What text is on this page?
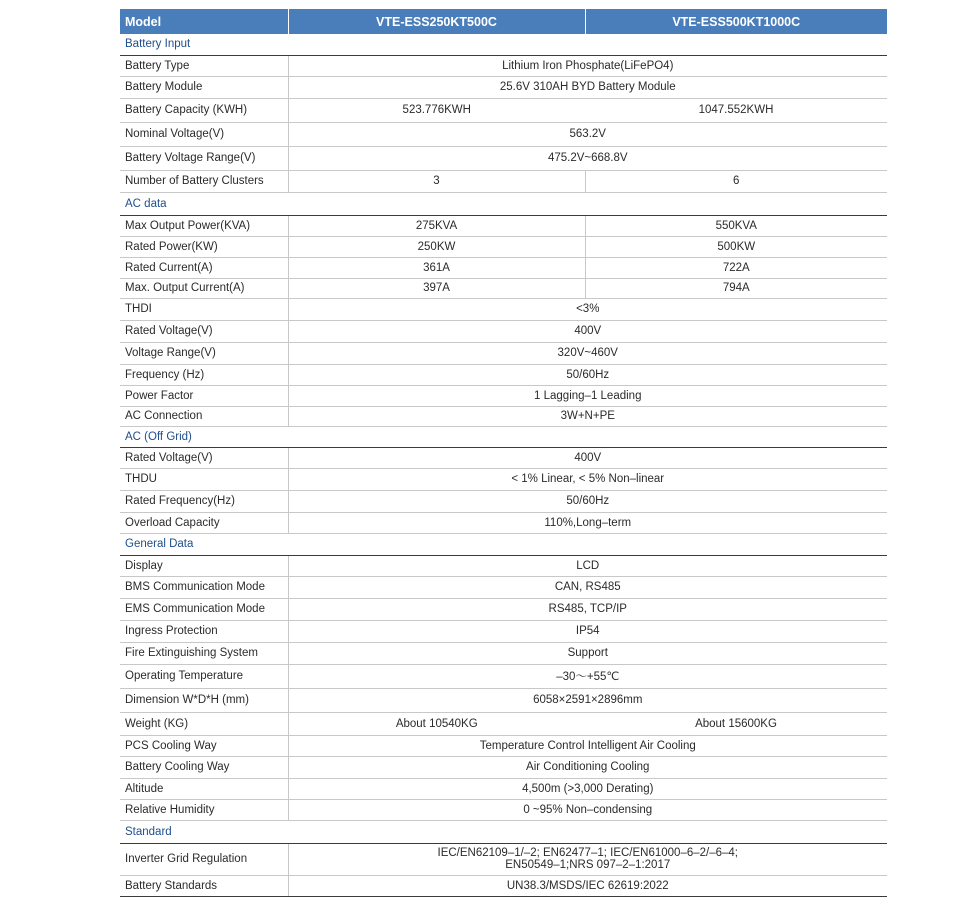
Model	VTE-ESS250KT500C	VTE-ESS500KT1000C
Battery Input		
Battery Type	Lithium Iron Phosphate(LiFePO4)	
Battery Module	25.6V 310AH BYD Battery Module	
Battery Capacity (KWH)	523.776KWH	1047.552KWH
Nominal Voltage(V)	563.2V	
Battery Voltage Range(V)	475.2V~668.8V	
Number of Battery Clusters	3	6
AC data		
Max Output Power(KVA)	275KVA	550KVA
Rated Power(KW)	250KW	500KW
Rated Current(A)	361A	722A
Max. Output Current(A)	397A	794A
THDI	<3%	
Rated Voltage(V)	400V	
Voltage Range(V)	320V~460V	
Frequency (Hz)	50/60Hz	
Power Factor	1 Lagging–1 Leading	
AC Connection	3W+N+PE	
AC (Off Grid)		
Rated Voltage(V)	400V	
THDU	< 1% Linear, < 5% Non–linear	
Rated Frequency(Hz)	50/60Hz	
Overload Capacity	110%,Long–term	
General Data		
Display	LCD	
BMS Communication Mode	CAN, RS485	
EMS Communication Mode	RS485, TCP/IP	
Ingress Protection	IP54	
Fire Extinguishing System	Support	
Operating Temperature	–30～+55℃	
Dimension W*D*H (mm)	6058×2591×2896mm	
Weight (KG)	About 10540KG	About 15600KG
PCS Cooling Way	Temperature Control Intelligent Air Cooling	
Battery Cooling Way	Air Conditioning Cooling	
Altitude	4,500m (>3,000 Derating)	
Relative Humidity	0 ~95% Non–condensing	
Standard		
Inverter Grid Regulation	IEC/EN62109–1/–2; EN62477–1; IEC/EN61000–6–2/–6–4;
EN50549–1;NRS 097–2–1:2017	

Battery Standards	UN38.3/MSDS/IEC 62619:2022	
